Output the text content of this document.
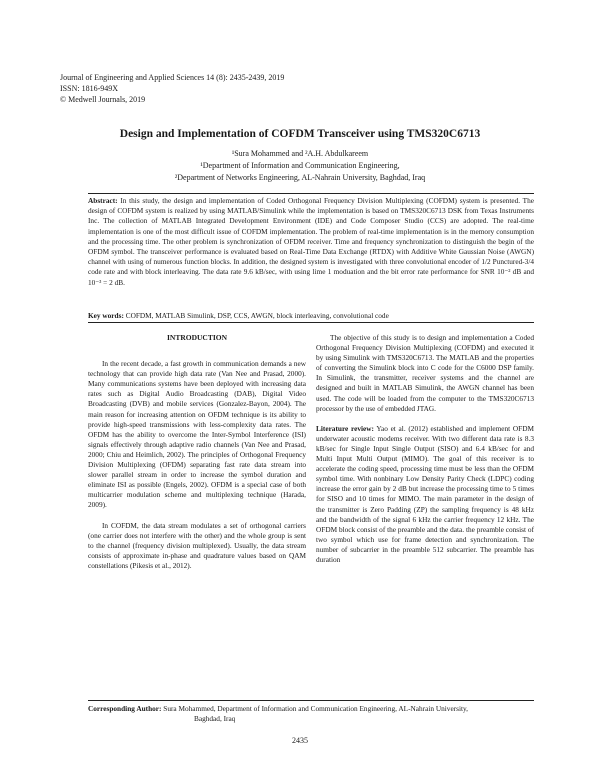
Journal of Engineering and Applied Sciences 14 (8): 2435-2439, 2019
ISSN: 1816-949X
© Medwell Journals, 2019
Design and Implementation of COFDM Transceiver using TMS320C6713
¹Sura Mohammed and ²A.H. Abdulkareem
¹Department of Information and Communication Engineering,
²Department of Networks Engineering, AL-Nahrain University, Baghdad, Iraq
Abstract: In this study, the design and implementation of Coded Orthogonal Frequency Division Multiplexing (COFDM) system is presented. The design of COFDM system is realized by using MATLAB/Simulink while the implementation is based on TMS320C6713 DSK from Texas Instruments Inc. The collection of MATLAB Integrated Development Environment (IDE) and Code Composer Studio (CCS) are adopted. The real-time implementation is one of the most difficult issue of COFDM implementation. The problem of real-time implementation is in the memory consumption and the processing time. The other problem is synchronization of OFDM receiver. Time and frequency synchronization to distinguish the begin of the OFDM symbol. The transceiver performance is evaluated based on Real-Time Data Exchange (RTDX) with Additive White Gaussian Noise (AWGN) channel with using of numerous function blocks. In addition, the designed system is investigated with three convolutional encoder of 1/2 Punctured-3/4 code rate and with block interleaving. The data rate 9.6 kB/sec, with using lime 1 moduation and the bit error rate performance for SNR 10⁻² dB and 10⁻³ = 2 dB.
Key words: COFDM, MATLAB Simulink, DSP, CCS, AWGN, block interleaving, convolutional code
INTRODUCTION

In the recent decade, a fast growth in communication demands a new technology that can provide high data rate (Van Nee and Prasad, 2000). Many communications systems have been deployed with increasing data rates such as Digital Audio Broadcasting (DAB), Digital Video Broadcasting (DVB) and mobile services (Gonzalez-Bayon, 2004). The main reason for increasing attention on OFDM technique is its ability to provide high-speed transmissions with less-complexity data rates. The OFDM has the ability to overcome the Inter-Symbol Interference (ISI) signals effectively through adaptive radio channels (Van Nee and Prasad, 2000; Chiu and Heimlich, 2002). The principles of Orthogonal Frequency Division Multiplexing (OFDM) separating fast rate data stream into slower parallel stream in order to increase the symbol duration and eliminate ISI as possible (Engels, 2002). OFDM is a special case of both multicarrier modulation scheme and multiplexing technique (Harada, 2009).

In COFDM, the data stream modulates a set of orthogonal carriers (one carrier does not interfere with the other) and the whole group is sent to the channel (frequency division multiplexed). Usually, the data stream consists of approximate in-phase and quadrature values based on QAM constellations (Pikesis et al., 2012).

The objective of this study is to design and implementation a Coded Orthogonal Frequency Division Multiplexing (COFDM) and executed it by using Simulink with TMS320C6713. The MATLAB and the properties of converting the Simulink block into C code for the C6000 DSP family. In Simulink, the transmitter, receiver systems and the channel are designed and built in MATLAB Simulink, the AWGN channel has been used. The code will be loaded from the computer to the TMS320C6713 processor by the use of embedded JTAG.

Literature review: Yao et al. (2012) established and implement OFDM underwater acoustic modems receiver. With two different data rate is 8.3 kB/sec for Single Input Single Output (SISO) and 6.4 kB/sec for and Multi Input Multi Output (MIMO). The goal of this receiver is to accelerate the coding speed, processing time must be less than the OFDM symbol time. With nonbinary Low Density Parity Check (LDPC) coding increase the error gain by 2 dB but increase the processing time to 5 times for SISO and 10 times for MIMO. The main parameter in the design of the transmitter is Zero Padding (ZP) the sampling frequency is 48 kHz and the bandwidth of the signal 6 kHz the carrier frequency 12 kHz. The OFDM block consist of the preamble and the data. the preamble consist of two symbol which use for frame detection and synchronization. The number of subcarrier in the preamble 512 subcarrier. The preamble has duration

Corresponding Author: Sura Mohammed, Department of Information and Communication Engineering, AL-Nahrain University,
Baghdad, Iraq
2435
